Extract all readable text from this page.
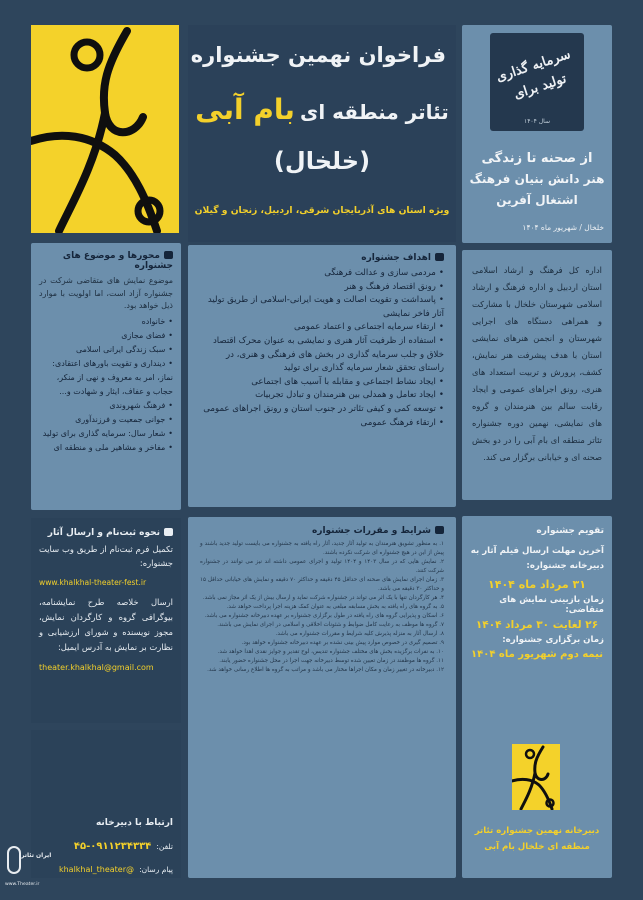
فراخوان نهمین جشنواره
تئاتر منطقه ای بام آبی
(خلخال)
ویژه استان های آذربایجان شرقی، اردبیل، زنجان و گیلان
سرمایه گذاری تولید برای
سال ۱۴۰۴
از صحنه تا زندگی
هنر دانش بنیان فرهنگ
اشتغال آفرین
خلخال / شهریور ماه ۱۴۰۴
اداره کل فرهنگ و ارشاد اسلامی استان اردبیل و اداره فرهنگ و ارشاد اسلامی شهرستان خلخال با مشارکت و همراهی دستگاه های اجرایی شهرستان و انجمن هنرهای نمایشی استان با هدف پیشرفت هنر نمایش، کشف، پرورش و تربیت استعداد های هنری، رونق اجراهای عمومی و ایجاد رقابت سالم بین هنرمندان و گروه های نمایشی، نهمین دوره جشنواره تئاتر منطقه ای بام آبی را در دو بخش صحنه ای و خیابانی برگزار می کند.
محورها و موضوع های جشنواره
موضوع نمایش های متقاضی شرکت در جشنواره آزاد است، اما اولویت با موارد ذیل خواهد بود.
• خانواده
• فضای مجازی
• سبک زندگی ایرانی اسلامی
• دینداری و تقویت باورهای اعتقادی: نماز، امر به معروف و نهی از منکر، حجاب و عفاف، ایثار و شهادت و...
• فرهنگ شهروندی
• جوانی جمعیت و فرزندآوری
• شعار سال: سرمایه گذاری برای تولید
• مفاخر و مشاهیر ملی و منطقه ای
اهداف جشنواره
• مردمی سازی و عدالت فرهنگی
• رونق اقتصاد فرهنگ و هنر
• پاسداشت و تقویت اصالت و هویت ایرانی-اسلامی از طریق تولید آثار فاخر نمایشی
• ارتقاء سرمایه اجتماعی و اعتماد عمومی
• استفاده از ظرفیت آثار هنری و نمایشی به عنوان محرک اقتصاد خلاق و جلب سرمایه گذاری در بخش های فرهنگی و هنری، در راستای تحقق شعار سرمایه گذاری برای تولید
• ایجاد نشاط اجتماعی و مقابله با آسیب های اجتماعی
• ایجاد تعامل و همدلی بین هنرمندان و تبادل تجربیات
• توسعه کمی و کیفی تئاتر در جنوب استان و رونق اجراهای عمومی
• ارتقاء فرهنگ عمومی
نحوه ثبت‌نام و ارسال آثار
تکمیل فرم ثبت‌نام از طریق وب سایت جشنواره:
www.khalkhal-theater-fest.ir
ارسال خلاصه طرح نمایشنامه، بیوگرافی گروه و کارگردان نمایش، مجوز نویسنده و شورای ارزشیابی و نظارت بر نمایش به آدرس ایمیل:
theater.khalkhal@gmail.com
ارتباط با دبیرخانه
تلفن: ۰۹۱۱۲۳۴۳۳۴-۴۵
پیام رسان: @khalkhal_theater
شرایط و مقررات جشنواره
۱. به منظور تشویق هنرمندان به تولید آثار جدید، آثار راه یافته به جشنواره می بایست تولید جدید باشند و پیش از این در هیچ جشنواره ای شرکت نکرده باشند.
۲. نمایش هایی که در سال ۱۴۰۳ و ۱۴۰۴ تولید و اجرای عمومی داشته اند نیز می توانند در جشنواره شرکت کنند.
۳. زمان اجرای نمایش های صحنه ای حداقل ۴۵ دقیقه و حداکثر ۷۰ دقیقه و نمایش های خیابانی حداقل ۱۵ و حداکثر ۳۰ دقیقه می باشد.
۴. هر کارگردان تنها با یک اثر می تواند در جشنواره شرکت نماید و ارسال بیش از یک اثر مجاز نمی باشد.
۵. به گروه های راه یافته به بخش مسابقه مبلغی به عنوان کمک هزینه اجرا پرداخت خواهد شد.
۶. اسکان و پذیرایی گروه های راه یافته در طول برگزاری جشنواره بر عهده دبیرخانه جشنواره می باشد.
۷. گروه ها موظف به رعایت کامل ضوابط و شئونات اخلاقی و اسلامی در اجرای نمایش می باشند.
۸. ارسال آثار به منزله پذیرش کلیه شرایط و مقررات جشنواره می باشد.
۹. تصمیم گیری در خصوص موارد پیش بینی نشده بر عهده دبیرخانه جشنواره خواهد بود.
۱۰. به نفرات برگزیده بخش های مختلف جشنواره تندیس، لوح تقدیر و جوایز نقدی اهدا خواهد شد.
۱۱. گروه ها موظفند در زمان تعیین شده توسط دبیرخانه جهت اجرا در محل جشنواره حضور یابند.
۱۲. دبیرخانه در تغییر زمان و مکان اجراها مختار می باشد و مراتب به گروه ها اطلاع رسانی خواهد شد.
تقویم جشنواره
آخرین مهلت ارسال فیلم آثار به دبیرخانه جشنواره:
۳۱ مرداد ماه ۱۴۰۴
زمان بازبینی نمایش های متقاضی:
۲۶ لغایت ۳۰ مرداد ۱۴۰۴
زمان برگزاری جشنواره:
نیمه دوم شهریور ماه ۱۴۰۴
دبیرخانه نهمین جشنواره تئاتر
منطقه ای خلخال بام آبی
ایران تئاتر
www.Theater.ir
